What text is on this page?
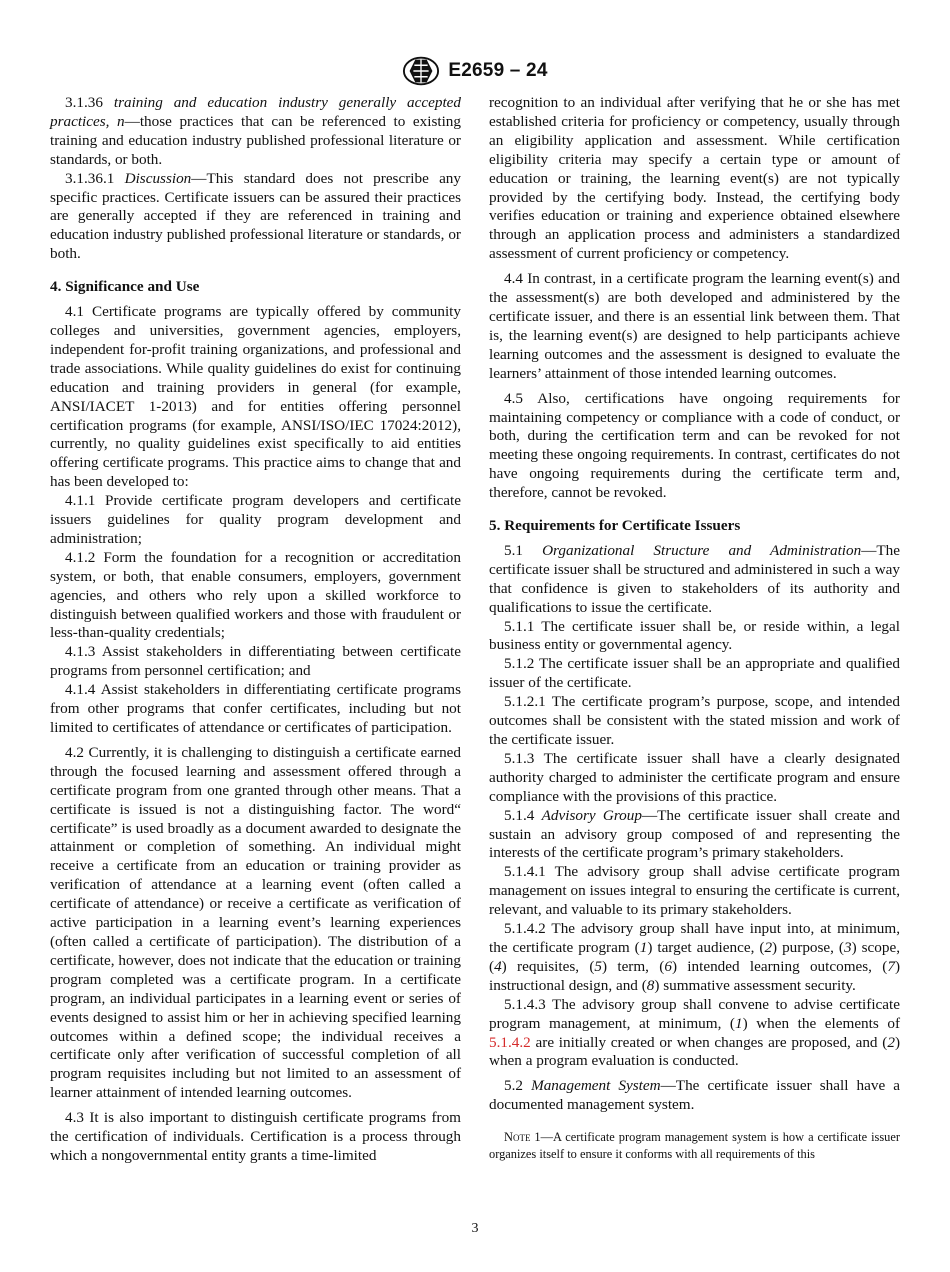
E2659 – 24

3.1.36 training and education industry generally accepted practices, n—those practices that can be referenced to existing training and education industry published professional literature or standards, or both.

3.1.36.1 Discussion—This standard does not prescribe any specific practices. Certificate issuers can be assured their practices are generally accepted if they are referenced in training and education industry published professional literature or standards, or both.

4. Significance and Use

4.1 Certificate programs are typically offered by community colleges and universities, government agencies, employers, independent for-profit training organizations, and professional and trade associations. While quality guidelines do exist for continuing education and training providers in general (for example, ANSI/IACET 1-2013) and for entities offering personnel certification programs (for example, ANSI/ISO/IEC 17024:2012), currently, no quality guidelines exist specifically to aid entities offering certificate programs. This practice aims to change that and has been developed to:

4.1.1 Provide certificate program developers and certificate issuers guidelines for quality program development and administration;

4.1.2 Form the foundation for a recognition or accreditation system, or both, that enable consumers, employers, government agencies, and others who rely upon a skilled workforce to distinguish between qualified workers and those with fraudulent or less-than-quality credentials;

4.1.3 Assist stakeholders in differentiating between certificate programs from personnel certification; and

4.1.4 Assist stakeholders in differentiating certificate programs from other programs that confer certificates, including but not limited to certificates of attendance or certificates of participation.

4.2 Currently, it is challenging to distinguish a certificate earned through the focused learning and assessment offered through a certificate program from one granted through other means. That a certificate is issued is not a distinguishing factor. The word“ certificate” is used broadly as a document awarded to designate the attainment or completion of something. An individual might receive a certificate from an education or training provider as verification of attendance at a learning event (often called a certificate of attendance) or receive a certificate as verification of active participation in a learning event’s learning experiences (often called a certificate of participation). The distribution of a certificate, however, does not indicate that the education or training program completed was a certificate program. In a certificate program, an individual participates in a learning event or series of events designed to assist him or her in achieving specified learning outcomes within a defined scope; the individual receives a certificate only after verification of successful completion of all program requisites including but not limited to an assessment of learner attainment of intended learning outcomes.

4.3 It is also important to distinguish certificate programs from the certification of individuals. Certification is a process through which a nongovernmental entity grants a time-limited

recognition to an individual after verifying that he or she has met established criteria for proficiency or competency, usually through an eligibility application and assessment. While certification eligibility criteria may specify a certain type or amount of education or training, the learning event(s) are not typically provided by the certifying body. Instead, the certifying body verifies education or training and experience obtained elsewhere through an application process and administers a standardized assessment of current proficiency or competency.

4.4 In contrast, in a certificate program the learning event(s) and the assessment(s) are both developed and administered by the certificate issuer, and there is an essential link between them. That is, the learning event(s) are designed to help participants achieve learning outcomes and the assessment is designed to evaluate the learners’ attainment of those intended learning outcomes.

4.5 Also, certifications have ongoing requirements for maintaining competency or compliance with a code of conduct, or both, during the certification term and can be revoked for not meeting these ongoing requirements. In contrast, certificates do not have ongoing requirements during the certificate term and, therefore, cannot be revoked.

5. Requirements for Certificate Issuers

5.1 Organizational Structure and Administration—The certificate issuer shall be structured and administered in such a way that confidence is given to stakeholders of its authority and qualifications to issue the certificate.

5.1.1 The certificate issuer shall be, or reside within, a legal business entity or governmental agency.

5.1.2 The certificate issuer shall be an appropriate and qualified issuer of the certificate.

5.1.2.1 The certificate program’s purpose, scope, and intended outcomes shall be consistent with the stated mission and work of the certificate issuer.

5.1.3 The certificate issuer shall have a clearly designated authority charged to administer the certificate program and ensure compliance with the provisions of this practice.

5.1.4 Advisory Group—The certificate issuer shall create and sustain an advisory group composed of and representing the interests of the certificate program’s primary stakeholders.

5.1.4.1 The advisory group shall advise certificate program management on issues integral to ensuring the certificate is current, relevant, and valuable to its primary stakeholders.

5.1.4.2 The advisory group shall have input into, at minimum, the certificate program (1) target audience, (2) purpose, (3) scope, (4) requisites, (5) term, (6) intended learning outcomes, (7) instructional design, and (8) summative assessment security.

5.1.4.3 The advisory group shall convene to advise certificate program management, at minimum, (1) when the elements of 5.1.4.2 are initially created or when changes are proposed, and (2) when a program evaluation is conducted.

5.2 Management System—The certificate issuer shall have a documented management system.

Note 1—A certificate program management system is how a certificate issuer organizes itself to ensure it conforms with all requirements of this

3
